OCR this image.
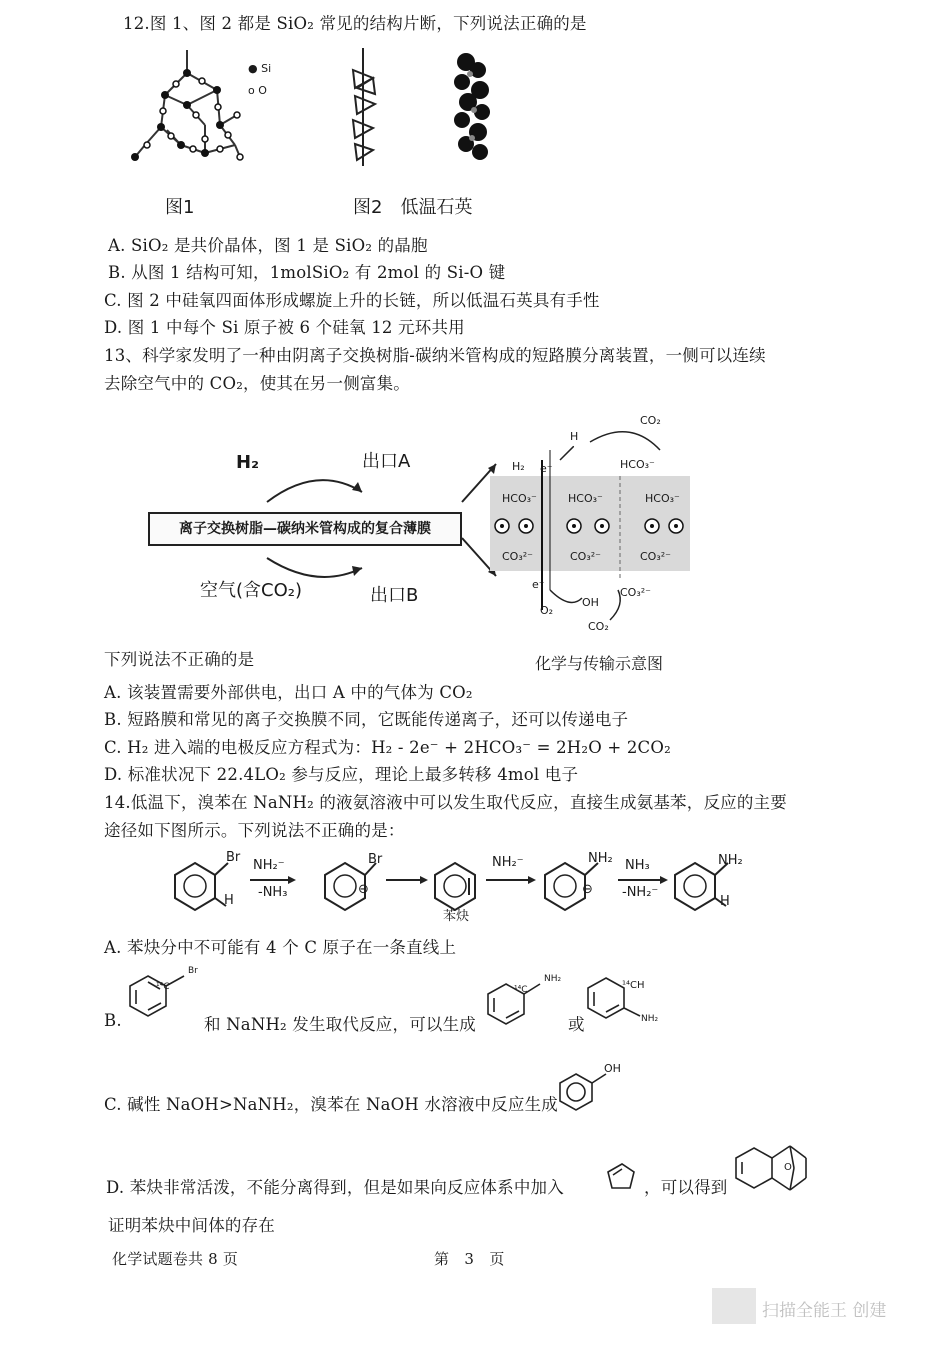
12.图 1、图 2 都是 SiO₂ 常见的结构片断，下列说法正确的是
● Si
o O
图1	图2　低温石英
A. SiO₂ 是共价晶体，图 1 是 SiO₂ 的晶胞
B. 从图 1 结构可知，1molSiO₂ 有 2mol 的 Si-O 键
C. 图 2 中硅氧四面体形成螺旋上升的长链，所以低温石英具有手性
D. 图 1 中每个 Si 原子被 6 个硅氧 12 元环共用
13、科学家发明了一种由阴离子交换树脂-碳纳米管构成的短路膜分离装置，一侧可以连续
去除空气中的 CO₂，使其在另一侧富集。
H₂	出口A
离子交换树脂—碳纳米管构成的复合薄膜
空气(含CO₂)	出口B
CO₂
H
H₂ e⁻	HCO₃⁻
HCO₃⁻	HCO₃⁻	HCO₃⁻
CO₃²⁻	CO₃²⁻	CO₃²⁻
e⁻
CO₃²⁻
O₂
OH
CO₂
下列说法不正确的是	化学与传输示意图
A. 该装置需要外部供电，出口 A 中的气体为 CO₂
B. 短路膜和常见的离子交换膜不同，它既能传递离子，还可以传递电子
C. H₂ 进入端的电极反应方程式为：H₂ - 2e⁻ + 2HCO₃⁻ = 2H₂O + 2CO₂
D. 标准状况下 22.4LO₂ 参与反应，理论上最多转移 4mol 电子
14.低温下，溴苯在 NaNH₂ 的液氨溶液中可以发生取代反应，直接生成氨基苯，反应的主要
途径如下图所示。下列说法不正确的是：
Br
H
NH₂⁻
-NH₃
Br
⊖
苯炔
NH₂⁻	NH₂
⊖
NH₃
-NH₂⁻
NH₂
H
A. 苯炔分中不可能有 4 个 C 原子在一条直线上
B.
¹⁴C
Br
和 NaNH₂ 发生取代反应，可以生成
¹⁴C
NH₂
或
¹⁴CH
NH₂
C. 碱性 NaOH>NaNH₂，溴苯在 NaOH 水溶液中反应生成
OH
D. 苯炔非常活泼，不能分离得到，但是如果向反应体系中加入	，可以得到
O
证明苯炔中间体的存在
化学试题卷共 8 页	第　3　页
扫描全能王 创建
